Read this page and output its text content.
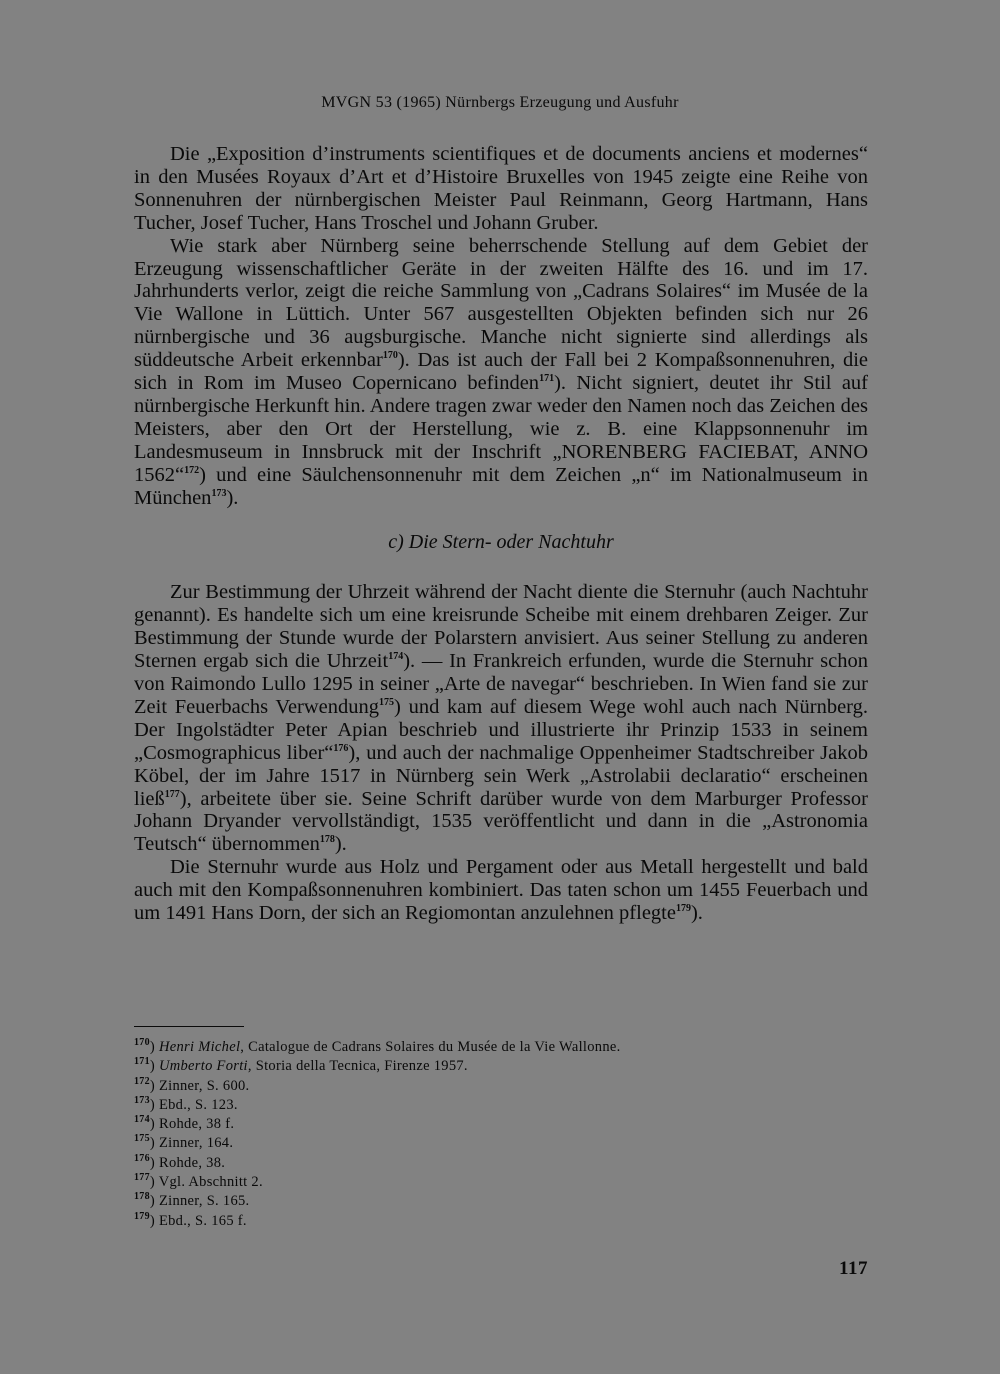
MVGN 53 (1965) Nürnbergs Erzeugung und Ausfuhr

Die „Exposition d’instruments scientifiques et de documents anciens et modernes“ in den Musées Royaux d’Art et d’Histoire Bruxelles von 1945 zeigte eine Reihe von Sonnenuhren der nürnbergischen Meister Paul Reinmann, Georg Hartmann, Hans Tucher, Josef Tucher, Hans Troschel und Johann Gruber.

Wie stark aber Nürnberg seine beherrschende Stellung auf dem Gebiet der Erzeugung wissenschaftlicher Geräte in der zweiten Hälfte des 16. und im 17. Jahrhunderts verlor, zeigt die reiche Sammlung von „Cadrans Solaires“ im Musée de la Vie Wallone in Lüttich. Unter 567 ausgestellten Objekten befinden sich nur 26 nürnbergische und 36 augsburgische. Manche nicht signierte sind allerdings als süddeutsche Arbeit erkennbar$^{170}$). Das ist auch der Fall bei 2 Kompaßsonnenuhren, die sich in Rom im Museo Copernicano befinden$^{171}$). Nicht signiert, deutet ihr Stil auf nürnbergische Herkunft hin. Andere tragen zwar weder den Namen noch das Zeichen des Meisters, aber den Ort der Herstellung, wie z. B. eine Klappsonnenuhr im Landesmuseum in Innsbruck mit der Inschrift „NORENBERG FACIEBAT, ANNO 1562“$^{172}$) und eine Säulchensonnenuhr mit dem Zeichen „n“ im Nationalmuseum in München$^{173}$).

c) Die Stern- oder Nachtuhr

Zur Bestimmung der Uhrzeit während der Nacht diente die Sternuhr (auch Nachtuhr genannt). Es handelte sich um eine kreisrunde Scheibe mit einem drehbaren Zeiger. Zur Bestimmung der Stunde wurde der Polarstern anvisiert. Aus seiner Stellung zu anderen Sternen ergab sich die Uhrzeit$^{174}$). — In Frankreich erfunden, wurde die Sternuhr schon von Raimondo Lullo 1295 in seiner „Arte de navegar“ beschrieben. In Wien fand sie zur Zeit Feuerbachs Verwendung$^{175}$) und kam auf diesem Wege wohl auch nach Nürnberg. Der Ingolstädter Peter Apian beschrieb und illustrierte ihr Prinzip 1533 in seinem „Cosmographicus liber“$^{176}$), und auch der nachmalige Oppenheimer Stadtschreiber Jakob Köbel, der im Jahre 1517 in Nürnberg sein Werk „Astrolabii declaratio“ erscheinen ließ$^{177}$), arbeitete über sie. Seine Schrift darüber wurde von dem Marburger Professor Johann Dryander vervollständigt, 1535 veröffentlicht und dann in die „Astronomia Teutsch“ übernommen$^{178}$).

Die Sternuhr wurde aus Holz und Pergament oder aus Metall hergestellt und bald auch mit den Kompaßsonnenuhren kombiniert. Das taten schon um 1455 Feuerbach und um 1491 Hans Dorn, der sich an Regiomontan anzulehnen pflegte$^{179}$).

$^{170}$) Henri Michel, Catalogue de Cadrans Solaires du Musée de la Vie Wallonne.
$^{171}$) Umberto Forti, Storia della Tecnica, Firenze 1957.
$^{172}$) Zinner, S. 600.
$^{173}$) Ebd., S. 123.
$^{174}$) Rohde, 38 f.
$^{175}$) Zinner, 164.
$^{176}$) Rohde, 38.
$^{177}$) Vgl. Abschnitt 2.
$^{178}$) Zinner, S. 165.
$^{179}$) Ebd., S. 165 f.
117
